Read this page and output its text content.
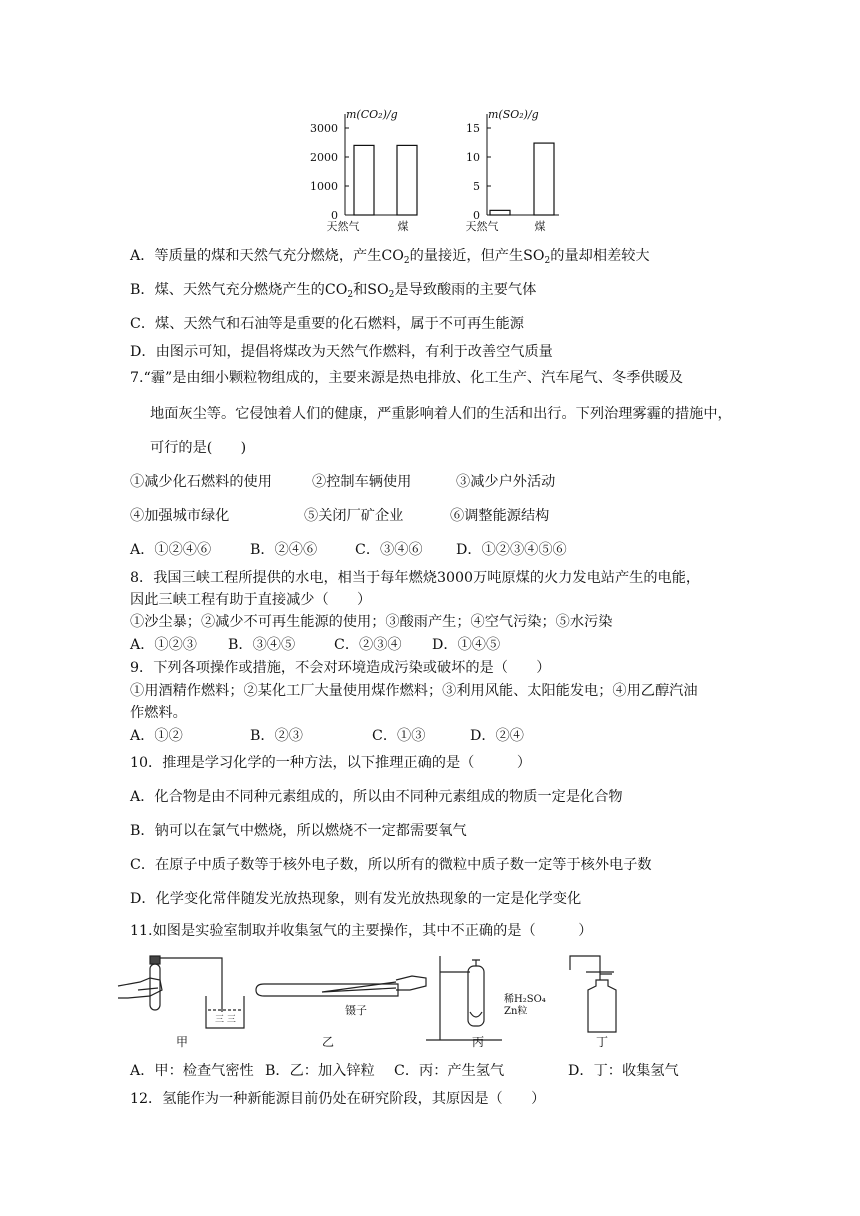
m(CO₂)/g
3000
2000
1000
0
天然气	煤
m(SO₂)/g
15
10
5
0
天然气	煤
A．等质量的煤和天然气充分燃烧，产生$CO_2$的量接近，但产生$SO_2$的量却相差较大
B．煤、天然气充分燃烧产生的$CO_2$和$SO_2$是导致酸雨的主要气体
C．煤、天然气和石油等是重要的化石燃料，属于不可再生能源
D．由图示可知，提倡将煤改为天然气作燃料，有利于改善空气质量
7.“霾”是由细小颗粒物组成的，主要来源是热电排放、化工生产、汽车尾气、冬季供暖及
地面灰尘等。它侵蚀着人们的健康，严重影响着人们的生活和出行。下列治理雾霾的措施中，
可行的是(　　)
①减少化石燃料的使用	②控制车辆使用	③减少户外活动
④加强城市绿化	⑤关闭厂矿企业	⑥调整能源结构
A．①②④⑥	B．②④⑥	C．③④⑥ D．①②③④⑤⑥
8．我国三峡工程所提供的水电，相当于每年燃烧3000万吨原煤的火力发电站产生的电能，
因此三峡工程有助于直接减少（　　）
①沙尘暴；②减少不可再生能源的使用；③酸雨产生；④空气污染；⑤水污染
A．①②③ B．③④⑤	C．②③④ D．①④⑤
9．下列各项操作或措施，不会对环境造成污染或破坏的是（　　）
①用酒精作燃料；②某化工厂大量使用煤作燃料；③利用风能、太阳能发电；④用乙醇汽油
作燃料。
A．①②	B．②③	C．①③	D．②④
10．推理是学习化学的一种方法，以下推理正确的是（　　　）
A．化合物是由不同种元素组成的，所以由不同种元素组成的物质一定是化合物
B．钠可以在氯气中燃烧，所以燃烧不一定都需要氧气
C．在原子中质子数等于核外电子数，所以所有的微粒中质子数一定等于核外电子数
D．化学变化常伴随发光放热现象，则有发光放热现象的一定是化学变化
11.如图是实验室制取并收集氢气的主要操作，其中不正确的是（　　　）
三 三
镊子
稀H₂SO₄
Zn粒
甲	乙	丙	丁
A．甲：检查气密性 B．乙：加入锌粒 C．丙：产生氢气	D．丁：收集氢气
12．氢能作为一种新能源目前仍处在研究阶段，其原因是（　　）
